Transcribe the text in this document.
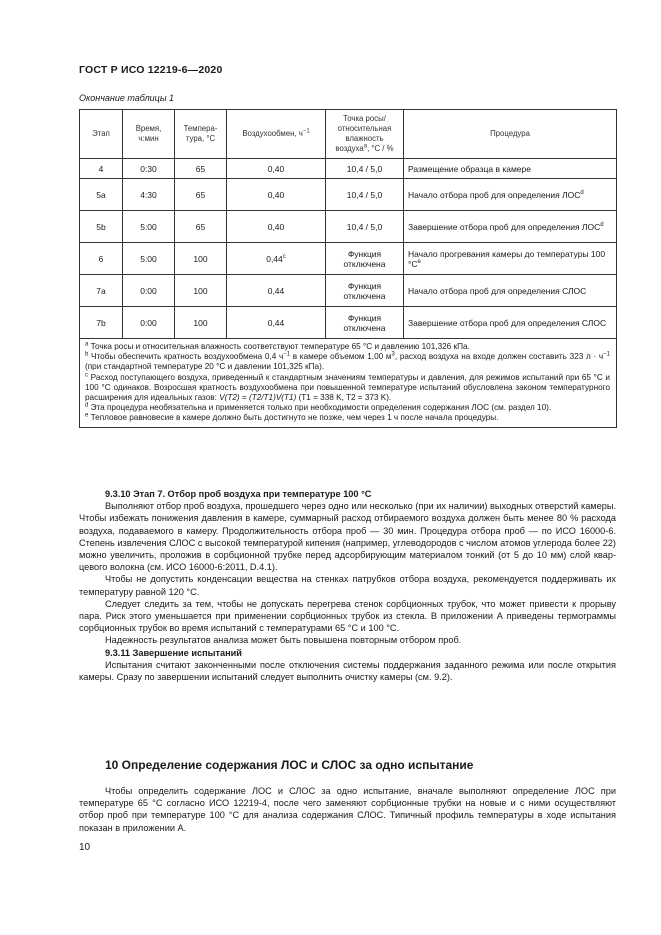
ГОСТ Р ИСО 12219-6—2020
Окончание таблицы 1
Этап	Время, ч:мин	Температура, °C	Воздухообмен, $ч^{-1}$	Точка росы/ относительная влажность воздуха$^a$, °C / %	Процедура
4	0:30	65	0,40	10,4 / 5,0	Размещение образца в камере
5a	4:30	65	0,40	10,4 / 5,0	Начало отбора проб для определения ЛОС$^d$
5b	5:00	65	0,40	10,4 / 5,0	Завершение отбора проб для определения ЛОС$^d$
6	5:00	100	0,44$^c$	Функция отключена	Начало прогревания камеры до температуры 100 °Ce
7a	0:00	100	0,44	Функция отключена	Начало отбора проб для определения СЛОС
7b	0:00	100	0,44	Функция отключена	Завершение отбора проб для определения СЛОС

$^a$ Точка росы и относительная влажность соответствуют температуре 65 °C и давлению 101,326 кПа.

$^b$ Чтобы обеспечить кратность воздухообмена 0,4 $ч^{-1}$ в камере объемом 1,00 $м^3$, расход воздуха на входе должен составить 323 $л \cdot ч^{-1}$ (при стандартной температуре 20 °C и давлении 101,325 кПа).

$^c$ Расход поступающего воздуха, приведенный к стандартным значениям температуры и давления, для режимов испытаний при 65 °C и 100 °C одинаков. Возросшая кратность воздухообмена при повышенной температуре испытаний обусловлена законом температурного расширения для идеальных газов: V(T2) = (T2/T1)V(T1) (T1 = 338 K, T2 = 373 K).

$^d$ Эта процедура необязательна и применяется только при необходимости определения содержания ЛОС (см. раздел 10).

$^e$ Тепловое равновесие в камере должно быть достигнуто не позже, чем через 1 ч после начала процедуры.					

9.3.10 Этап 7. Отбор проб воздуха при температуре 100 °C

Выполняют отбор проб воздуха, прошедшего через одно или несколько (при их наличии) выходных отверстий камеры. Чтобы избежать понижения давления в камере, суммарный расход отбираемого воздуха должен быть менее 80 % расхода воздуха, подаваемого в камеру. Продолжительность отбора проб — 30 мин. Процедура отбора проб — по ИСО 16000-6. Степень извлечения СЛОС с высокой температурой кипения (например, углеводородов с числом атомов углерода более 22) можно увеличить, проложив в сорбционной трубке перед адсорбирующим материалом тонкий (от 5 до 10 мм) слой кварцевого волокна (см. ИСО 16000-6:2011, D.4.1).

Чтобы не допустить конденсации вещества на стенках патрубков отбора воздуха, рекомендуется поддерживать их температуру равной 120 °C.

Следует следить за тем, чтобы не допускать перегрева стенок сорбционных трубок, что может привести к прорыву пара. Риск этого уменьшается при применении сорбционных трубок из стекла. В приложении А приведены термограммы сорбционных трубок во время испытаний с температурами 65 °C и 100 °C.

Надежность результатов анализа может быть повышена повторным отбором проб.

9.3.11 Завершение испытаний

Испытания считают законченными после отключения системы поддержания заданного режима или после открытия камеры. Сразу по завершении испытаний следует выполнить очистку камеры (см. 9.2).

10 Определение содержания ЛОС и СЛОС за одно испытание

Чтобы определить содержание ЛОС и СЛОС за одно испытание, вначале выполняют определение ЛОС при температуре 65 °C согласно ИСО 12219-4, после чего заменяют сорбционные трубки на новые и с ними осуществляют отбор проб при температуре 100 °C для анализа содержания СЛОС. Типичный профиль температуры в ходе испытания показан в приложении А.

10
